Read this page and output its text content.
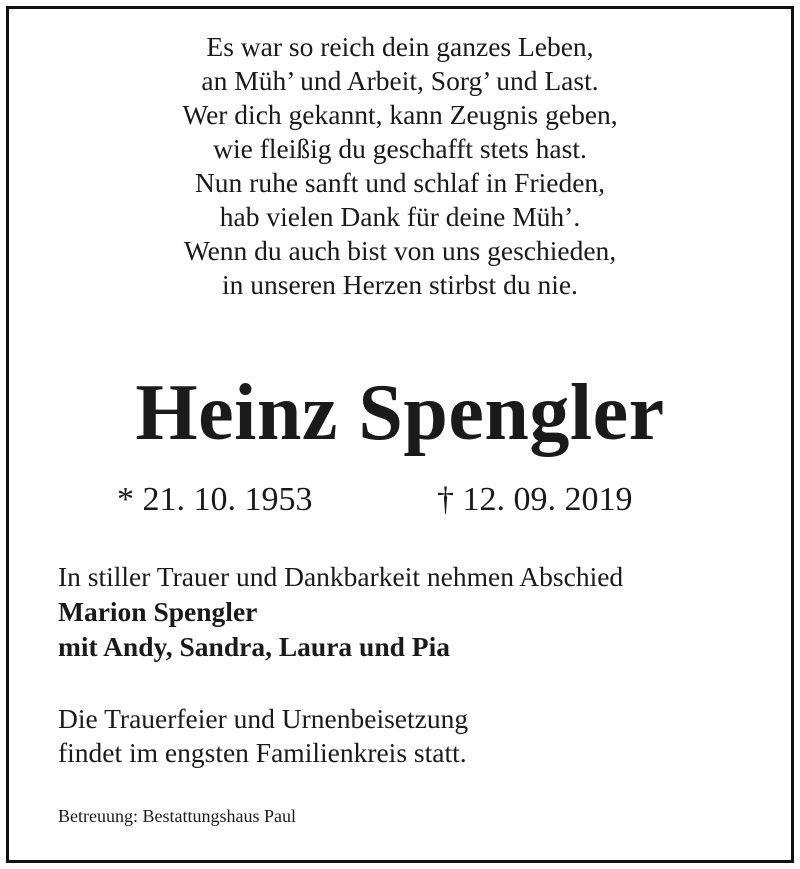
Es war so reich dein ganzes Leben,
an Müh’ und Arbeit, Sorg’ und Last.
Wer dich gekannt, kann Zeugnis geben,
wie fleißig du geschafft stets hast.
Nun ruhe sanft und schlaf in Frieden,
hab vielen Dank für deine Müh’.
Wenn du auch bist von uns geschieden,
in unseren Herzen stirbst du nie.
Heinz Spengler
* 21. 10. 1953	† 12. 09. 2019
In stiller Trauer und Dankbarkeit nehmen Abschied
Marion Spengler
mit Andy, Sandra, Laura und Pia
Die Trauerfeier und Urnenbeisetzung
findet im engsten Familienkreis statt.
Betreuung: Bestattungshaus Paul
